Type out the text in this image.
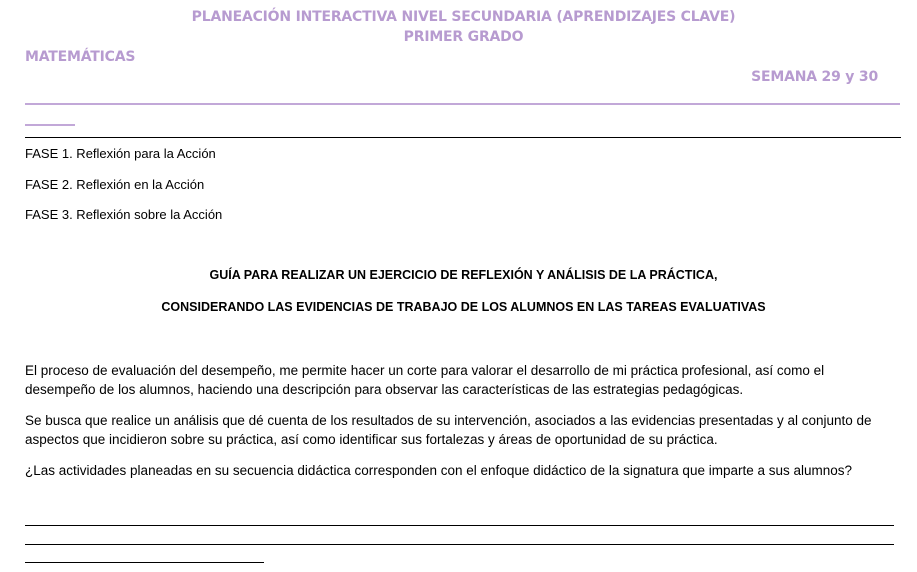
PLANEACIÓN INTERACTIVA NIVEL SECUNDARIA (APRENDIZAJES CLAVE)
PRIMER GRADO
MATEMÁTICAS
SEMANA 29 y 30
FASE 1. Reflexión para la Acción
FASE 2. Reflexión en la Acción
FASE 3. Reflexión sobre la Acción
GUÍA PARA REALIZAR UN EJERCICIO DE REFLEXIÓN Y ANÁLISIS DE LA PRÁCTICA,
CONSIDERANDO LAS EVIDENCIAS DE TRABAJO DE LOS ALUMNOS EN LAS TAREAS EVALUATIVAS
El proceso de evaluación del desempeño, me permite hacer un corte para valorar el desarrollo de mi práctica profesional, así como el desempeño de los alumnos, haciendo una descripción para observar las características de las estrategias pedagógicas.
Se busca que realice un análisis que dé cuenta de los resultados de su intervención, asociados a las evidencias presentadas y al conjunto de aspectos que incidieron sobre su práctica, así como identificar sus fortalezas y áreas de oportunidad de su práctica.
¿Las actividades planeadas en su secuencia didáctica corresponden con el enfoque didáctico de la signatura que imparte a sus alumnos?
